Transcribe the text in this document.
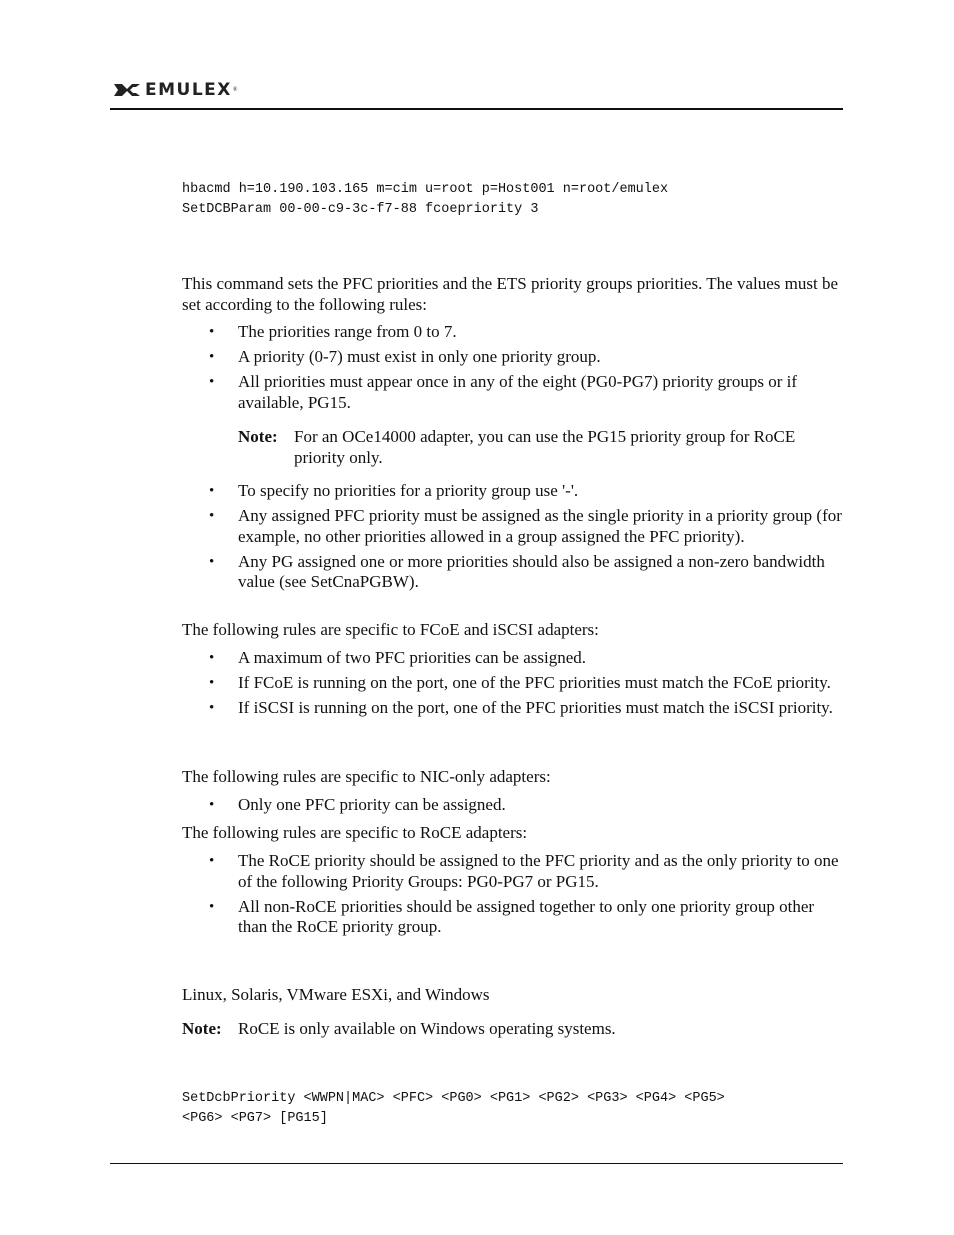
EMULEX ®
hbacmd h=10.190.103.165 m=cim u=root p=Host001 n=root/emulex
SetDCBParam 00-00-c9-3c-f7-88 fcoepriority 3
This command sets the PFC priorities and the ETS priority groups priorities. The values must be set according to the following rules:
• The priorities range from 0 to 7.
• A priority (0-7) must exist in only one priority group.
• All priorities must appear once in any of the eight (PG0-PG7) priority groups or if available, PG15.
Note: For an OCe14000 adapter, you can use the PG15 priority group for RoCE priority only.
• To specify no priorities for a priority group use '-'.
• Any assigned PFC priority must be assigned as the single priority in a priority group (for example, no other priorities allowed in a group assigned the PFC priority).
• Any PG assigned one or more priorities should also be assigned a non-zero bandwidth value (see SetCnaPGBW).
The following rules are specific to FCoE and iSCSI adapters:
• A maximum of two PFC priorities can be assigned.
• If FCoE is running on the port, one of the PFC priorities must match the FCoE priority.
• If iSCSI is running on the port, one of the PFC priorities must match the iSCSI priority.
The following rules are specific to NIC-only adapters:
• Only one PFC priority can be assigned.
The following rules are specific to RoCE adapters:
• The RoCE priority should be assigned to the PFC priority and as the only priority to one of the following Priority Groups: PG0-PG7 or PG15.
• All non-RoCE priorities should be assigned together to only one priority group other than the RoCE priority group.
Linux, Solaris, VMware ESXi, and Windows
Note: RoCE is only available on Windows operating systems.
SetDcbPriority <WWPN|MAC> <PFC> <PG0> <PG1> <PG2> <PG3> <PG4> <PG5>
<PG6> <PG7> [PG15]
